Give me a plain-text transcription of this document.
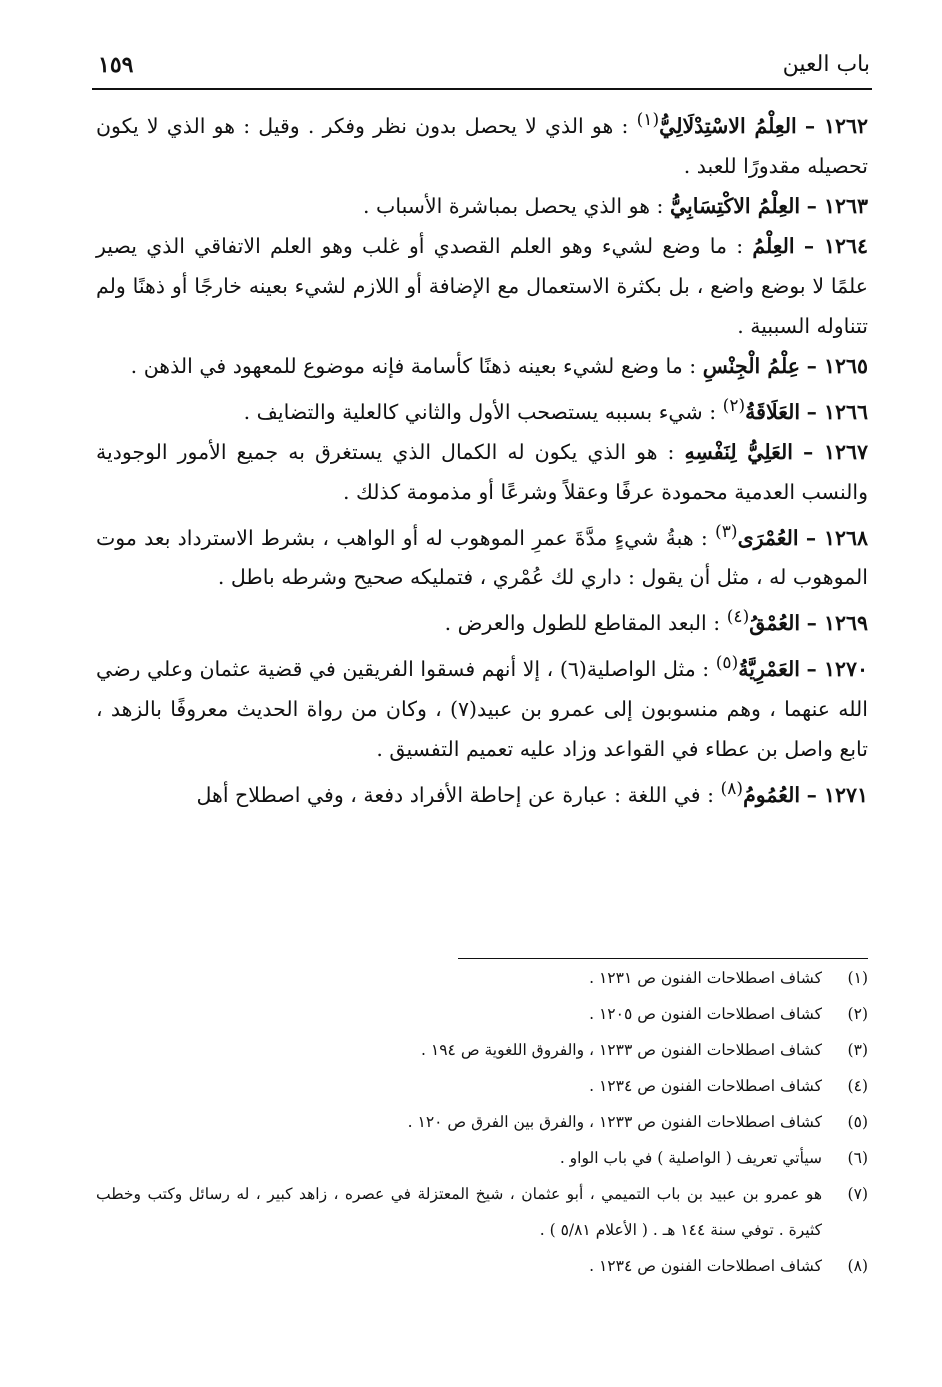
باب العين
١٥٩

١٢٦٢ – العِلْمُ الاسْتِدْلَالِيُّ$^{(١)}$ : هو الذي لا يحصل بدون نظر وفكر . وقيل : هو الذي لا يكون تحصيله مقدورًا للعبد .

١٢٦٣ – العِلْمُ الاكْتِسَابِيُّ : هو الذي يحصل بمباشرة الأسباب .

١٢٦٤ – العِلْمُ : ما وضع لشيء وهو العلم القصدي أو غلب وهو العلم الاتفاقي الذي يصير علمًا لا بوضع واضع ، بل بكثرة الاستعمال مع الإضافة أو اللازم لشيء بعينه خارجًا أو ذهنًا ولم تتناوله السببية .

١٢٦٥ – عِلْمُ الْجِنْسِ : ما وضع لشيء بعينه ذهنًا كأسامة فإنه موضوع للمعهود في الذهن .

١٢٦٦ – العَلَاقَةُ$^{(٢)}$ : شيء بسببه يستصحب الأول والثاني كالعلية والتضايف .

١٢٦٧ – العَلِيُّ لِنَفْسِهِ : هو الذي يكون له الكمال الذي يستغرق به جميع الأمور الوجودية والنسب العدمية محمودة عرفًا وعقلاً وشرعًا أو مذمومة كذلك .

١٢٦٨ – العُمْرَى$^{(٣)}$ : هبةُ شيءٍ مدَّةَ عمرِ الموهوب له أو الواهب ، بشرط الاسترداد بعد موت الموهوب له ، مثل أن يقول : داري لك عُمْري ، فتمليكه صحيح وشرطه باطل .

١٢٦٩ – العُمْقُ$^{(٤)}$ : البعد المقاطع للطول والعرض .

١٢٧٠ – العَمْرِيَّةُ$^{(٥)}$ : مثل الواصلية(٦) ، إلا أنهم فسقوا الفريقين في قضية عثمان وعلي رضي الله عنهما ، وهم منسوبون إلى عمرو بن عبيد(٧) ، وكان من رواة الحديث معروفًا بالزهد ، تابع واصل بن عطاء في القواعد وزاد عليه تعميم التفسيق .

١٢٧١ – العُمُومُ$^{(٨)}$ : في اللغة : عبارة عن إحاطة الأفراد دفعة ، وفي اصطلاح أهل

(١)
كشاف اصطلاحات الفنون ص ١٢٣١ .
(٢)
كشاف اصطلاحات الفنون ص ١٢٠٥ .
(٣)
كشاف اصطلاحات الفنون ص ١٢٣٣ ، والفروق اللغوية ص ١٩٤ .
(٤)
كشاف اصطلاحات الفنون ص ١٢٣٤ .
(٥)
كشاف اصطلاحات الفنون ص ١٢٣٣ ، والفرق بين الفرق ص ١٢٠ .
(٦)
سيأتي تعريف ( الواصلية ) في باب الواو .
(٧)
هو عمرو بن عبيد بن باب التميمي ، أبو عثمان ، شيخ المعتزلة في عصره ، زاهد كبير ، له رسائل وكتب وخطب كثيرة . توفي سنة ١٤٤ هـ . ( الأعلام ٥/٨١ ) .
(٨)
كشاف اصطلاحات الفنون ص ١٢٣٤ .
